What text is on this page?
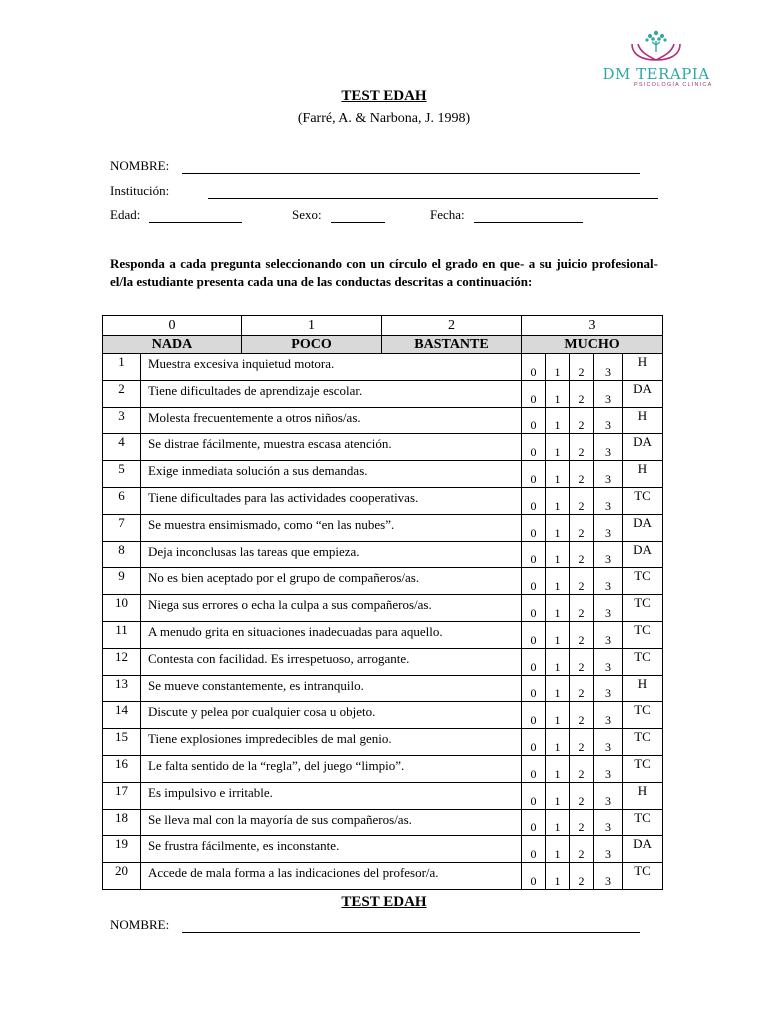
DM TERAPIA
PSICOLOGÍA CLÍNICA
TEST EDAH
(Farré, A. & Narbona, J. 1998)
NOMBRE:
Institución:
Edad:	Sexo:	Fecha:
Responda a cada pregunta seleccionando con un círculo el grado en que- a su juicio profesional- el/la estudiante presenta cada una de las conductas descritas a continuación:
0		1	2	3				
NADA		POCO	BASTANTE	MUCHO				
1	Muestra excesiva inquietud motora.			0	1	2	3	H
2	Tiene dificultades de aprendizaje escolar.			0	1	2	3	DA
3	Molesta frecuentemente a otros niños/as.			0	1	2	3	H
4	Se distrae fácilmente, muestra escasa atención.			0	1	2	3	DA
5	Exige inmediata solución a sus demandas.			0	1	2	3	H
6	Tiene dificultades para las actividades cooperativas.			0	1	2	3	TC
7	Se muestra ensimismado, como “en las nubes”.			0	1	2	3	DA
8	Deja inconclusas las tareas que empieza.			0	1	2	3	DA
9	No es bien aceptado por el grupo de compañeros/as.			0	1	2	3	TC
10	Niega sus errores o echa la culpa a sus compañeros/as.			0	1	2	3	TC
11	A menudo grita en situaciones inadecuadas para aquello.			0	1	2	3	TC
12	Contesta con facilidad. Es irrespetuoso, arrogante.			0	1	2	3	TC
13	Se mueve constantemente, es intranquilo.			0	1	2	3	H
14	Discute y pelea por cualquier cosa u objeto.			0	1	2	3	TC
15	Tiene explosiones impredecibles de mal genio.			0	1	2	3	TC
16	Le falta sentido de la “regla”, del juego “limpio”.			0	1	2	3	TC
17	Es impulsivo e irritable.			0	1	2	3	H
18	Se lleva mal con la mayoría de sus compañeros/as.			0	1	2	3	TC
19	Se frustra fácilmente, es inconstante.			0	1	2	3	DA
20	Accede de mala forma a las indicaciones del profesor/a.			0	1	2	3	TC
TEST EDAH
NOMBRE:
